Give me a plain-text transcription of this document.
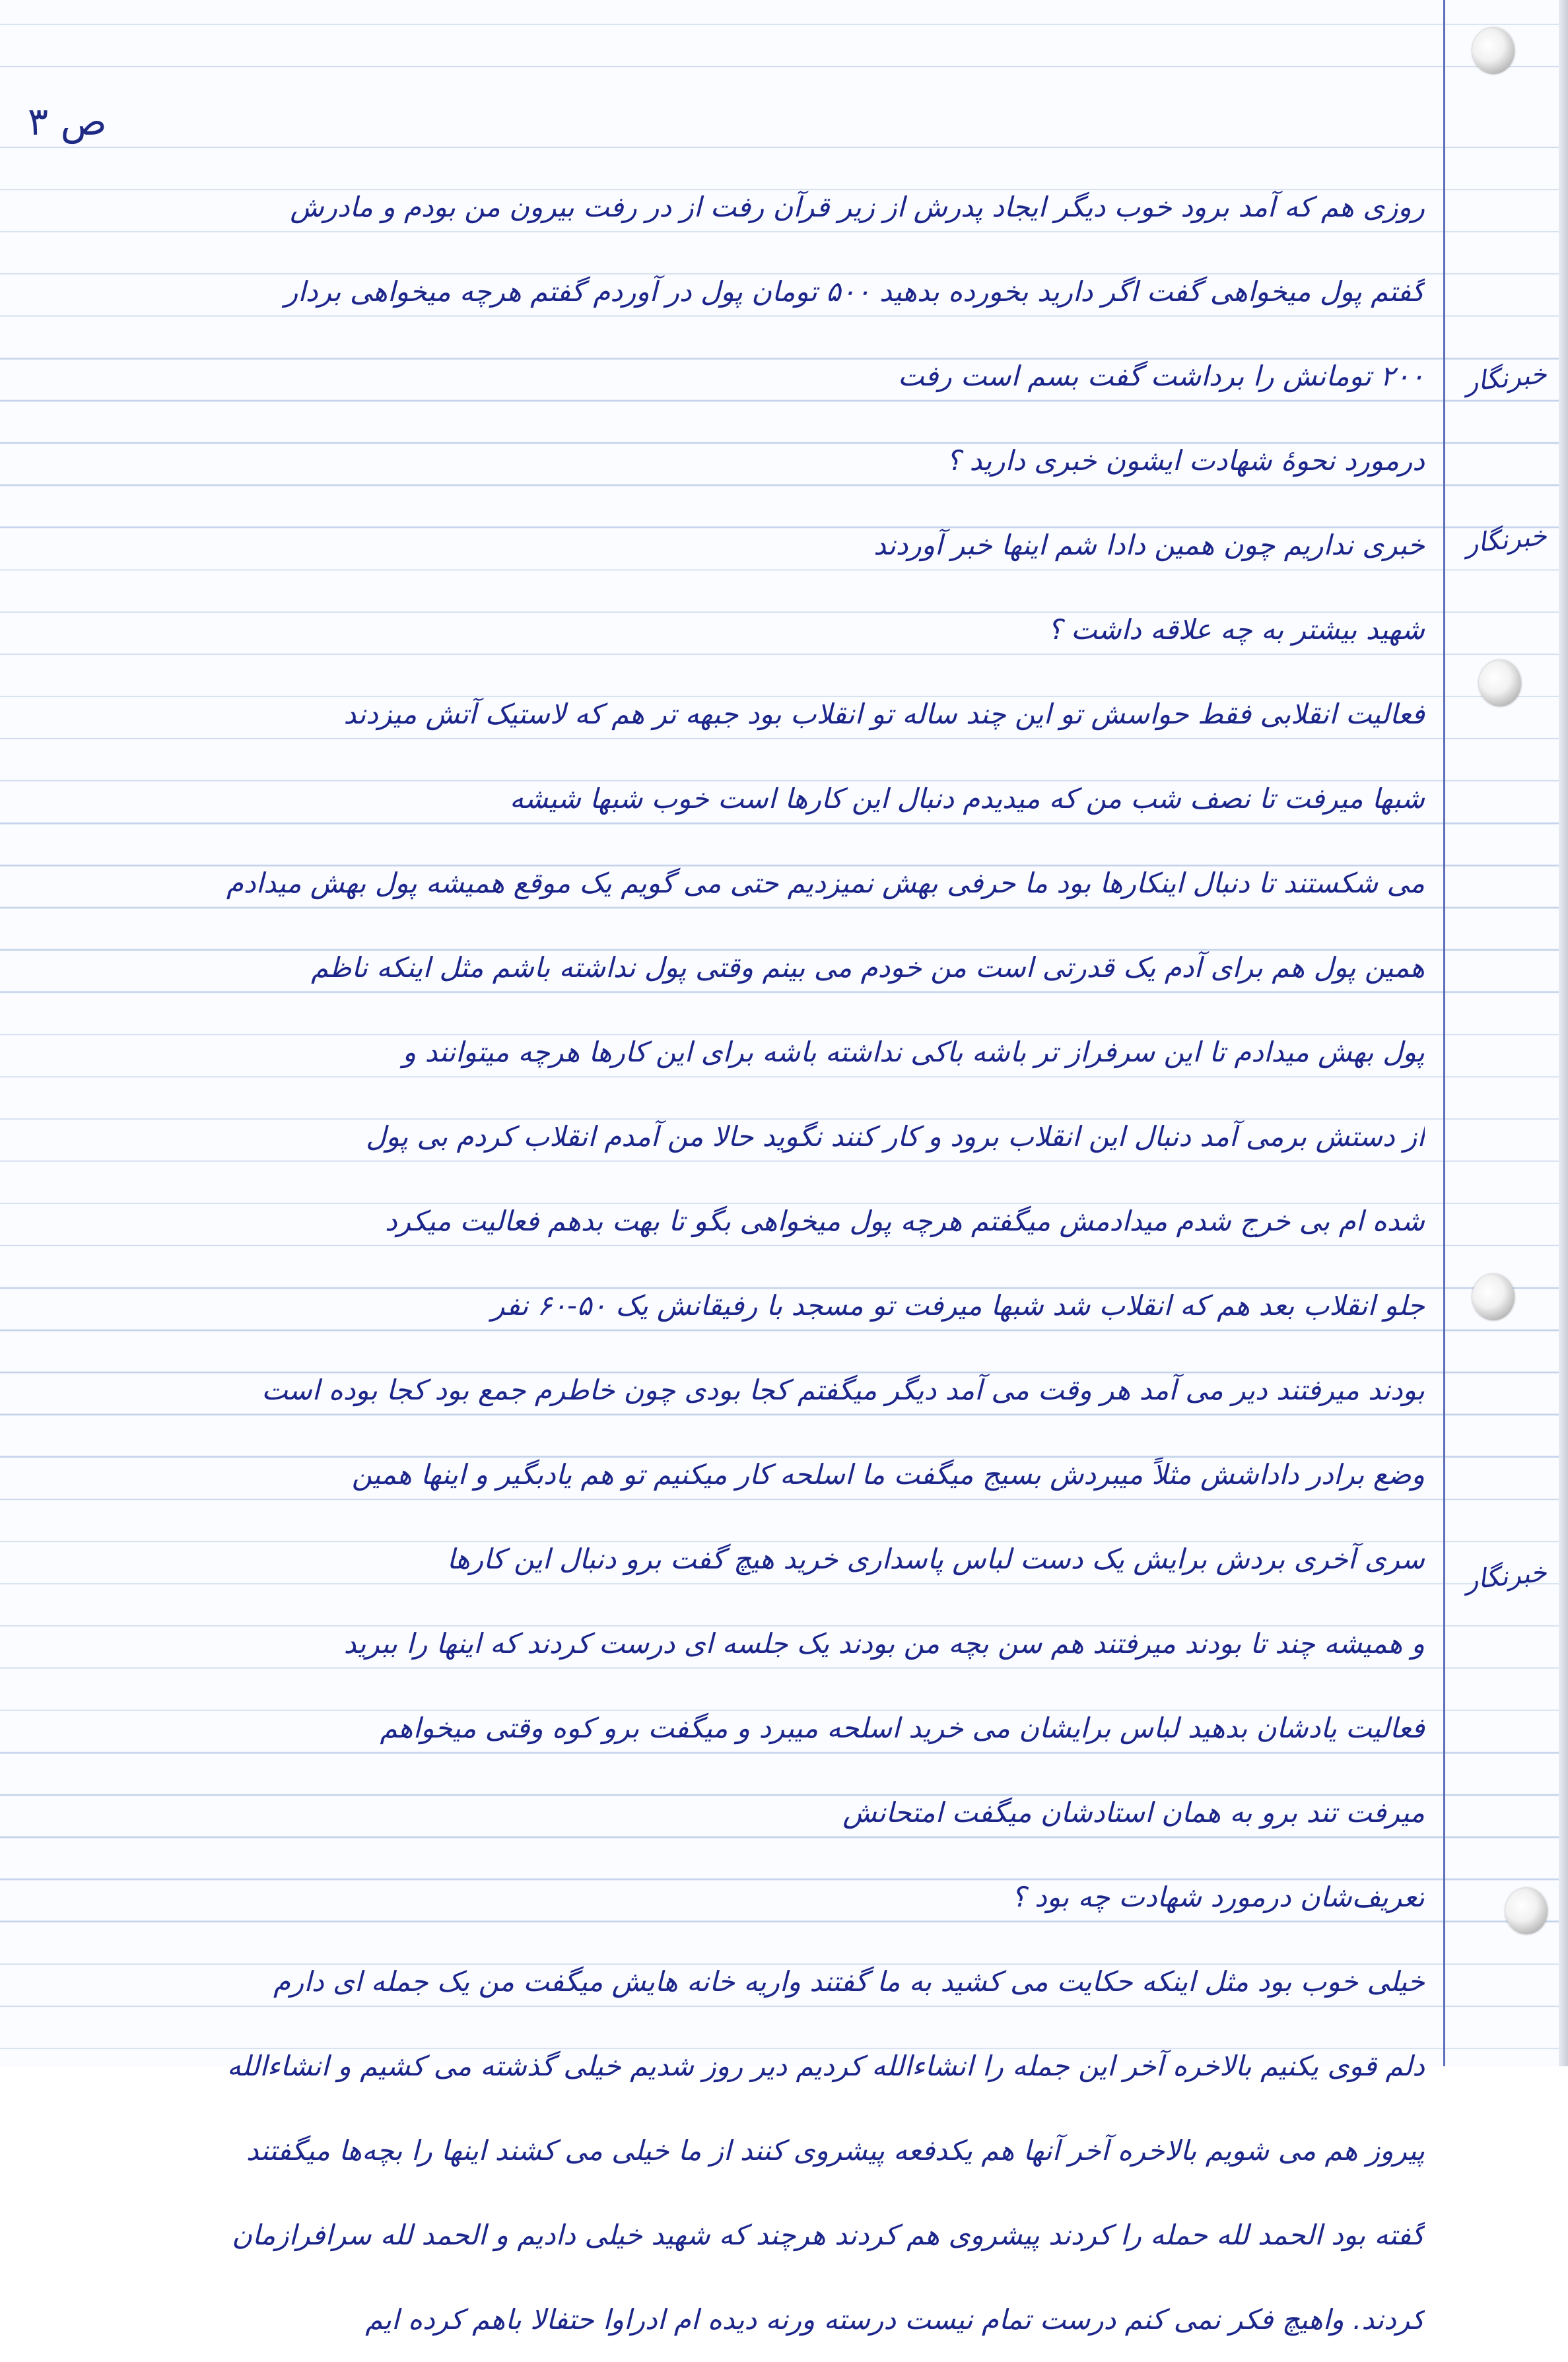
ص ۳
خبرنگار
خبرنگار
خبرنگار
روزی هم که آمد برود خوب دیگر ایجاد پدرش از زیر قرآن رفت از در رفت بیرون من بودم و مادرش
گفتم پول میخواهی گفت اگر دارید بخورده بدهید ۵۰۰ تومان پول در آوردم گفتم هرچه میخواهی بردار
۲۰۰ تومانش را برداشت گفت بسم است رفت
درمورد نحوهٔ شهادت ایشون خبری دارید ؟
خبری نداریم چون همین دادا شم اینها خبر آوردند
شهید بیشتر به چه علاقه داشت ؟
فعالیت انقلابی فقط حواسش تو این چند ساله تو انقلاب بود جبهه‌ تر هم که لاستیک آتش میزدند
شبها میرفت تا نصف شب من که میدیدم دنبال این کارها است خوب شبها شیشه
می شکستند تا دنبال اینکارها بود ما حرفی بهش نمیزدیم حتی می گویم یک موقع همیشه پول بهش میدادم
همین پول هم برای آدم یک قدرتی است من خودم می بینم وقتی پول نداشته باشم مثل اینکه ناظم
پول بهش میدادم تا این سرفراز تر باشه باکی نداشته باشه برای این کارها هرچه میتوانند و
از دستش برمی آمد دنبال این انقلاب برود و کار کنند نگوید حالا من آمدم انقلاب کردم بی پول
شده ام بی خرج شدم میدادمش میگفتم هرچه پول میخواهی بگو تا بهت بدهم فعالیت میکرد
جلو انقلاب بعد هم که انقلاب شد شبها میرفت تو مسجد با رفیقانش یک ۵۰-۶۰ نفر
بودند میرفتند دیر می آمد هر وقت می آمد دیگر میگفتم کجا بودی چون خاطرم جمع بود کجا بوده است
وضع برادر داداشش مثلاً میبردش بسیج میگفت ما اسلحه کار میکنیم تو هم یادبگیر و اینها همین
سری آخری بردش برایش یک دست لباس پاسداری خرید هیچ گفت برو دنبال این کارها
و همیشه چند تا بودند میرفتند هم سن بچه من بودند یک جلسه ای درست کردند که اینها را ببرید
فعالیت یادشان بدهید لباس برایشان می خرید اسلحه میبرد و میگفت برو کوه وقتی میخواهم
میرفت تند برو به همان استادشان میگفت امتحانش
تعریف‌شان درمورد شهادت چه بود ؟
خیلی خوب بود مثل اینکه حکایت می کشید به ما گفتند واریه خانه هایش میگفت من یک جمله ای دارم
دلم قوی یکنیم بالاخره آخر این جمله را انشاءالله کردیم دیر روز شدیم خیلی گذشته می کشیم و انشاءالله
پیروز هم می شویم بالاخره آخر آنها هم یکدفعه پیشروی کنند از ما خیلی می کشند اینها را بچه‌ها میگفتند
گفته بود الحمد لله حمله را کردند پیشروی هم کردند هرچند که شهید خیلی دادیم و الحمد لله سرافرازمان
کردند. واهیچ فکر نمی کنم درست تمام نیست درسته ورنه دیده ام ادراوا حتفالا باهم کرده ایم
